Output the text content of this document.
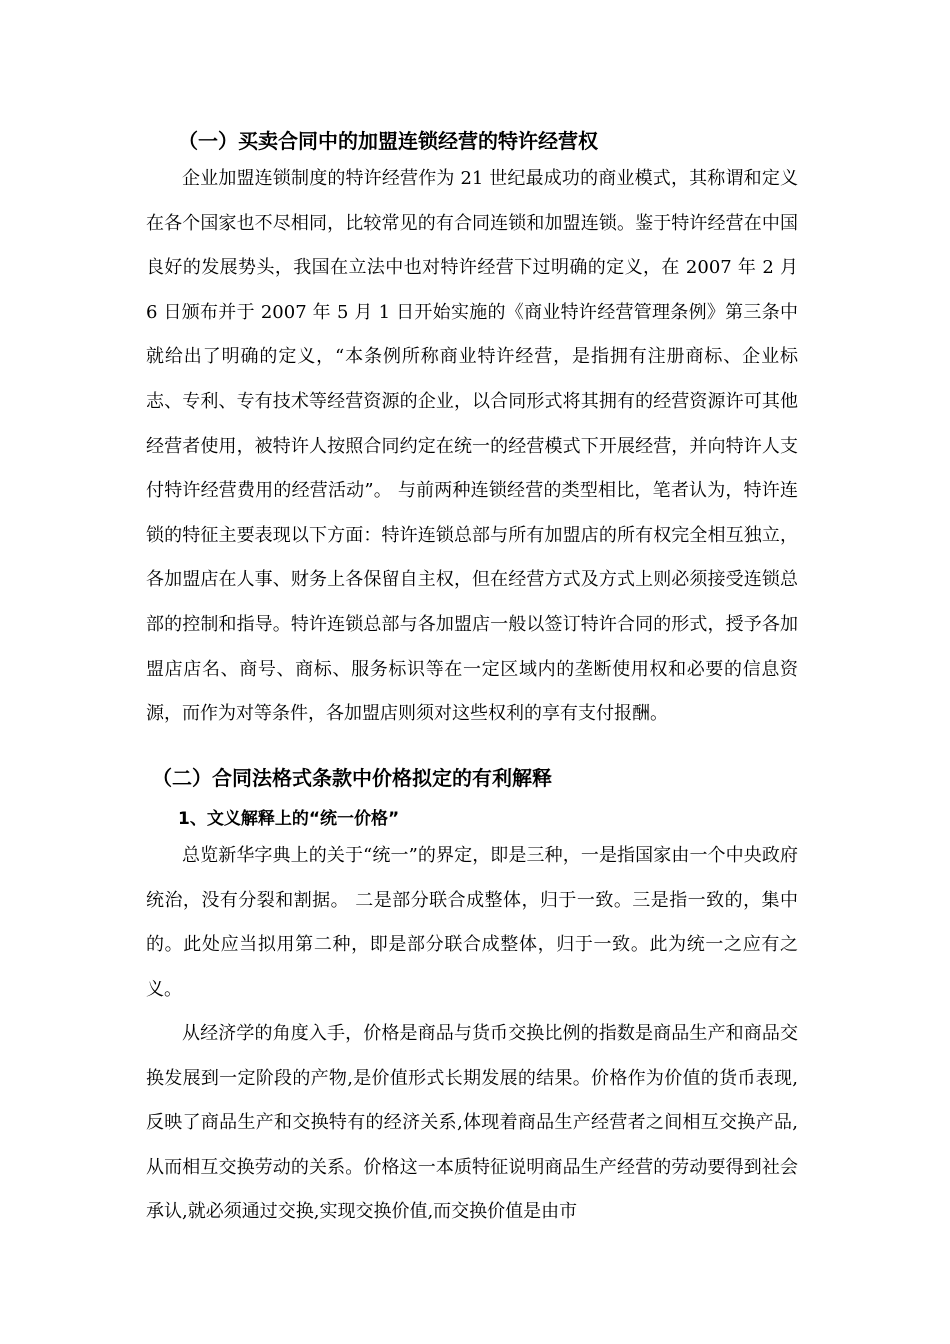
（一）买卖合同中的加盟连锁经营的特许经营权

企业加盟连锁制度的特许经营作为 21 世纪最成功的商业模式，其称谓和定义在各个国家也不尽相同，比较常见的有合同连锁和加盟连锁。鉴于特许经营在中国良好的发展势头，我国在立法中也对特许经营下过明确的定义，在 2007 年 2 月 6 日颁布并于 2007 年 5 月 1 日开始实施的《商业特许经营管理条例》第三条中就给出了明确的定义，“本条例所称商业特许经营，是指拥有注册商标、企业标志、专利、专有技术等经营资源的企业，以合同形式将其拥有的经营资源许可其他经营者使用，被特许人按照合同约定在统一的经营模式下开展经营，并向特许人支付特许经营费用的经营活动”。 与前两种连锁经营的类型相比，笔者认为，特许连锁的特征主要表现以下方面：特许连锁总部与所有加盟店的所有权完全相互独立，各加盟店在人事、财务上各保留自主权，但在经营方式及方式上则必须接受连锁总部的控制和指导。特许连锁总部与各加盟店一般以签订特许合同的形式，授予各加盟店店名、商号、商标、服务标识等在一定区域内的垄断使用权和必要的信息资源，而作为对等条件，各加盟店则须对这些权利的享有支付报酬。

（二）合同法格式条款中价格拟定的有利解释
1、文义解释上的“统一价格”

总览新华字典上的关于“统一”的界定，即是三种，一是指国家由一个中央政府统治，没有分裂和割据。 二是部分联合成整体，归于一致。三是指一致的，集中的。此处应当拟用第二种，即是部分联合成整体，归于一致。此为统一之应有之义。

从经济学的角度入手，价格是商品与货币交换比例的指数是商品生产和商品交换发展到一定阶段的产物,是价值形式长期发展的结果。价格作为价值的货币表现,反映了商品生产和交换特有的经济关系,体现着商品生产经营者之间相互交换产品,从而相互交换劳动的关系。价格这一本质特征说明商品生产经营的劳动要得到社会承认,就必须通过交换,实现交换价值,而交换价值是由市
